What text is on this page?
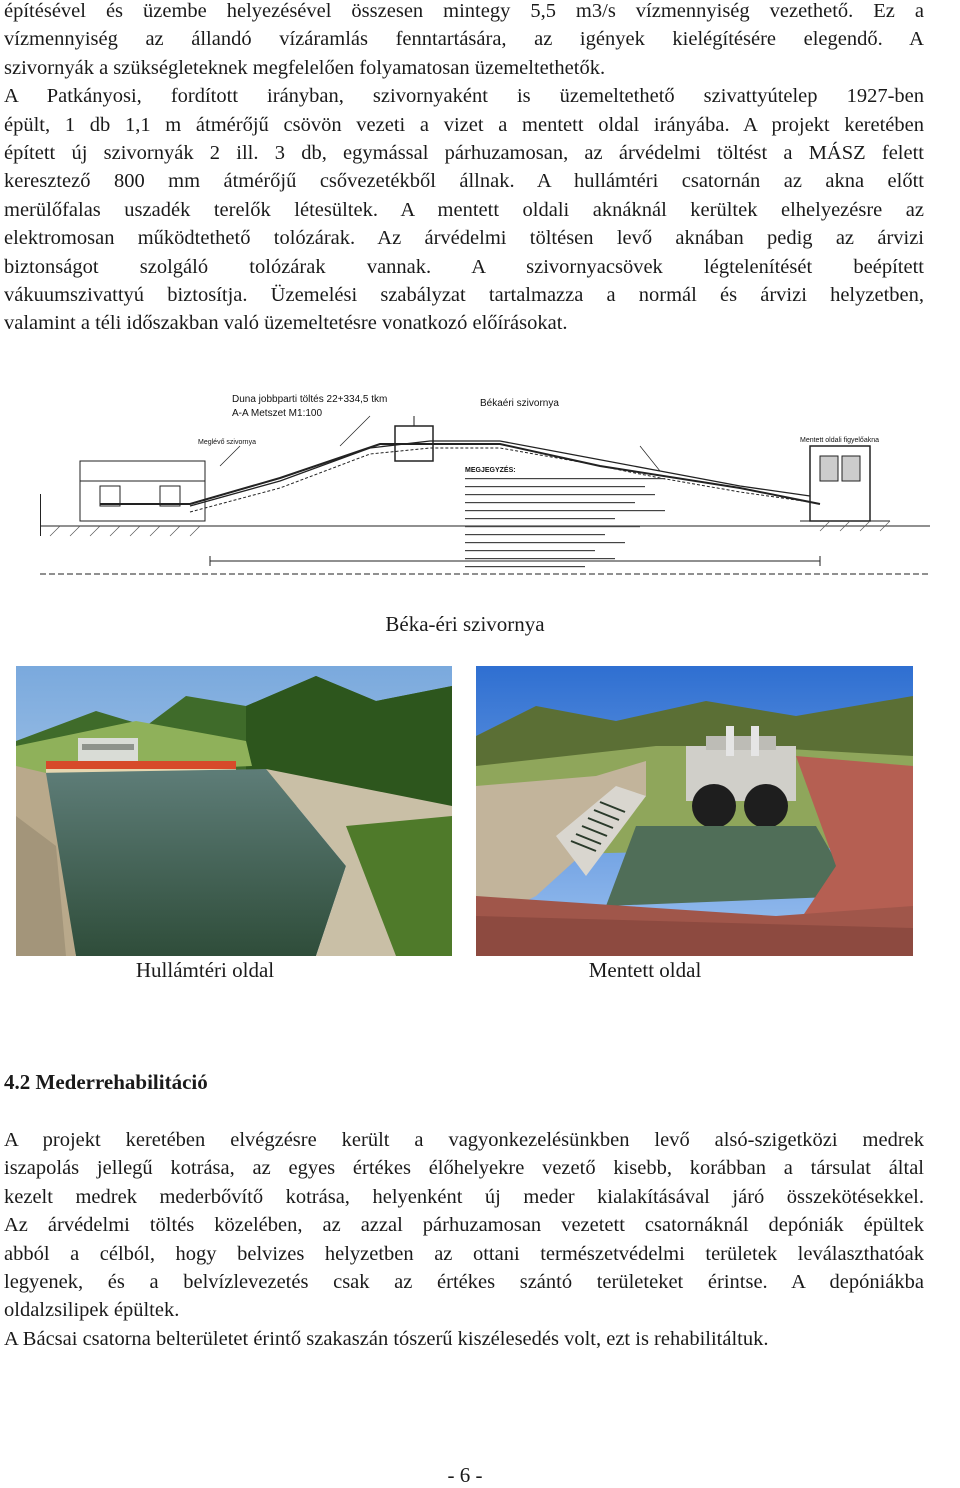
építésével és üzembe helyezésével összesen mintegy 5,5 m3/s vízmennyiség vezethető. Ez a
vízmennyiség az állandó vízáramlás fenntartására, az igények kielégítésére elegendő. A
szivornyák a szükségleteknek megfelelően folyamatosan üzemeltethetők.
A Patkányosi, fordított irányban, szivornyaként is üzemeltethető szivattyútelep 1927-ben
épült, 1 db 1,1 m átmérőjű csövön vezeti a vizet a mentett oldal irányába. A projekt keretében
épített új szivornyák 2 ill. 3 db, egymással párhuzamosan, az árvédelmi töltést a MÁSZ felett
keresztező 800 mm átmérőjű csővezetékből állnak. A hullámtéri csatornán az akna előtt
merülőfalas uszadék terelők létesültek. A mentett oldali aknáknál kerültek elhelyezésre az
elektromosan működtethető tolózárak. Az árvédelmi töltésen levő aknában pedig az árvizi
biztonságot szolgáló tolózárak vannak. A szivornyacsövek légtelenítését beépített
vákuumszivattyú biztosítja. Üzemelési szabályzat tartalmazza a normál és árvizi helyzetben,
valamint a téli időszakban való üzemeltetésre vonatkozó előírásokat.
Duna jobbparti töltés 22+334,5 tkm
A-A Metszet M1:100
Békaéri szivornya
Meglévő szivornya	Mentett oldali figyelőakna
MEGJEGYZÉS:
Béka-éri szivornya
Hullámtéri oldal	Mentett oldal
4.2 Mederrehabilitáció
A projekt keretében elvégzésre került a vagyonkezelésünkben levő alsó-szigetközi medrek
iszapolás jellegű kotrása, az egyes értékes élőhelyekre vezető kisebb, korábban a társulat által
kezelt medrek mederbővítő kotrása, helyenként új meder kialakításával járó összekötésekkel.
Az árvédelmi töltés közelében, az azzal párhuzamosan vezetett csatornáknál depóniák épültek
abból a célból, hogy belvizes helyzetben az ottani természetvédelmi területek leválaszthatóak
legyenek, és a belvízlevezetés csak az értékes szántó területeket érintse. A depóniákba
oldalzsilipek épültek.
A Bácsai csatorna belterületet érintő szakaszán tószerű kiszélesedés volt, ezt is rehabilitáltuk.
- 6 -
